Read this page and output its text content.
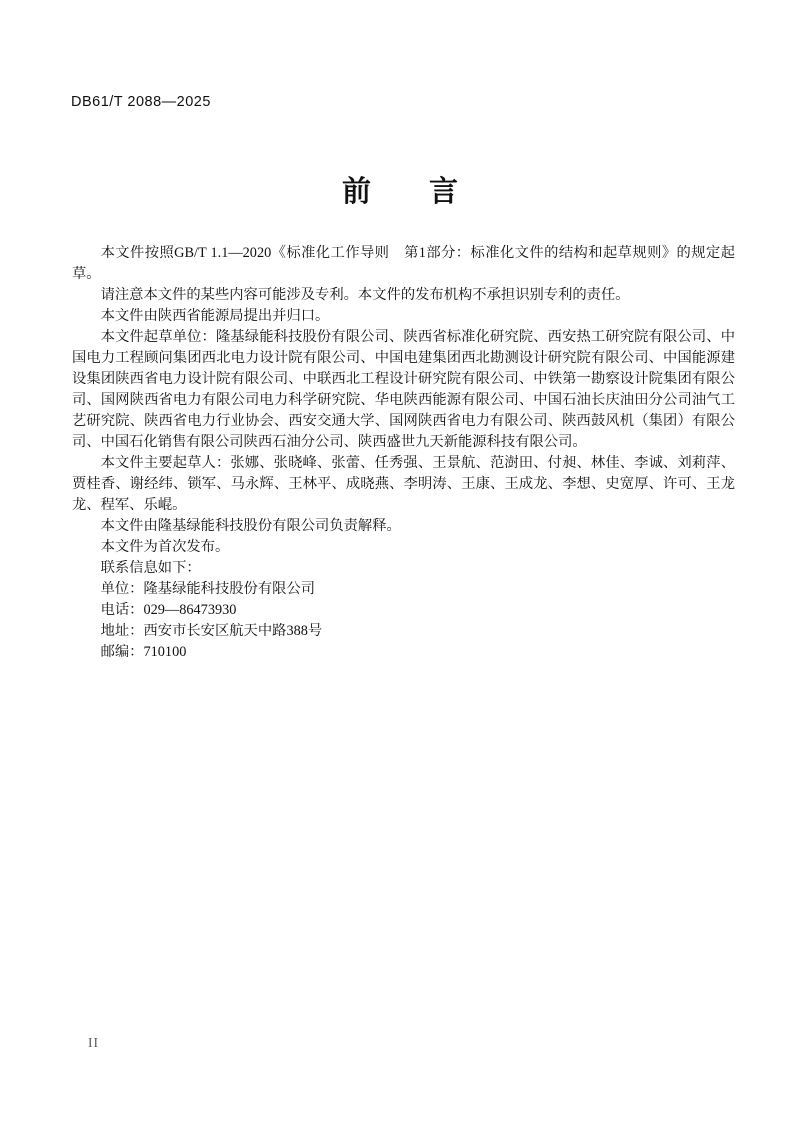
DB61/T 2088—2025
前　　言

本文件按照GB/T 1.1—2020《标准化工作导则　第1部分：标准化文件的结构和起草规则》的规定起草。

请注意本文件的某些内容可能涉及专利。本文件的发布机构不承担识别专利的责任。

本文件由陕西省能源局提出并归口。

本文件起草单位：隆基绿能科技股份有限公司、陕西省标准化研究院、西安热工研究院有限公司、中国电力工程顾问集团西北电力设计院有限公司、中国电建集团西北勘测设计研究院有限公司、中国能源建设集团陕西省电力设计院有限公司、中联西北工程设计研究院有限公司、中铁第一勘察设计院集团有限公司、国网陕西省电力有限公司电力科学研究院、华电陕西能源有限公司、中国石油长庆油田分公司油气工艺研究院、陕西省电力行业协会、西安交通大学、国网陕西省电力有限公司、陕西鼓风机（集团）有限公司、中国石化销售有限公司陕西石油分公司、陕西盛世九天新能源科技有限公司。

本文件主要起草人：张娜、张晓峰、张蕾、任秀强、王景航、范澍田、付昶、林佳、李诚、刘莉萍、贾桂香、谢经纬、锁军、马永辉、王林平、成晓燕、李明涛、王康、王成龙、李想、史宽厚、许可、王龙龙、程军、乐崐。

本文件由隆基绿能科技股份有限公司负责解释。

本文件为首次发布。

联系信息如下：

单位：隆基绿能科技股份有限公司

电话：029—86473930

地址：西安市长安区航天中路388号

邮编：710100

II
